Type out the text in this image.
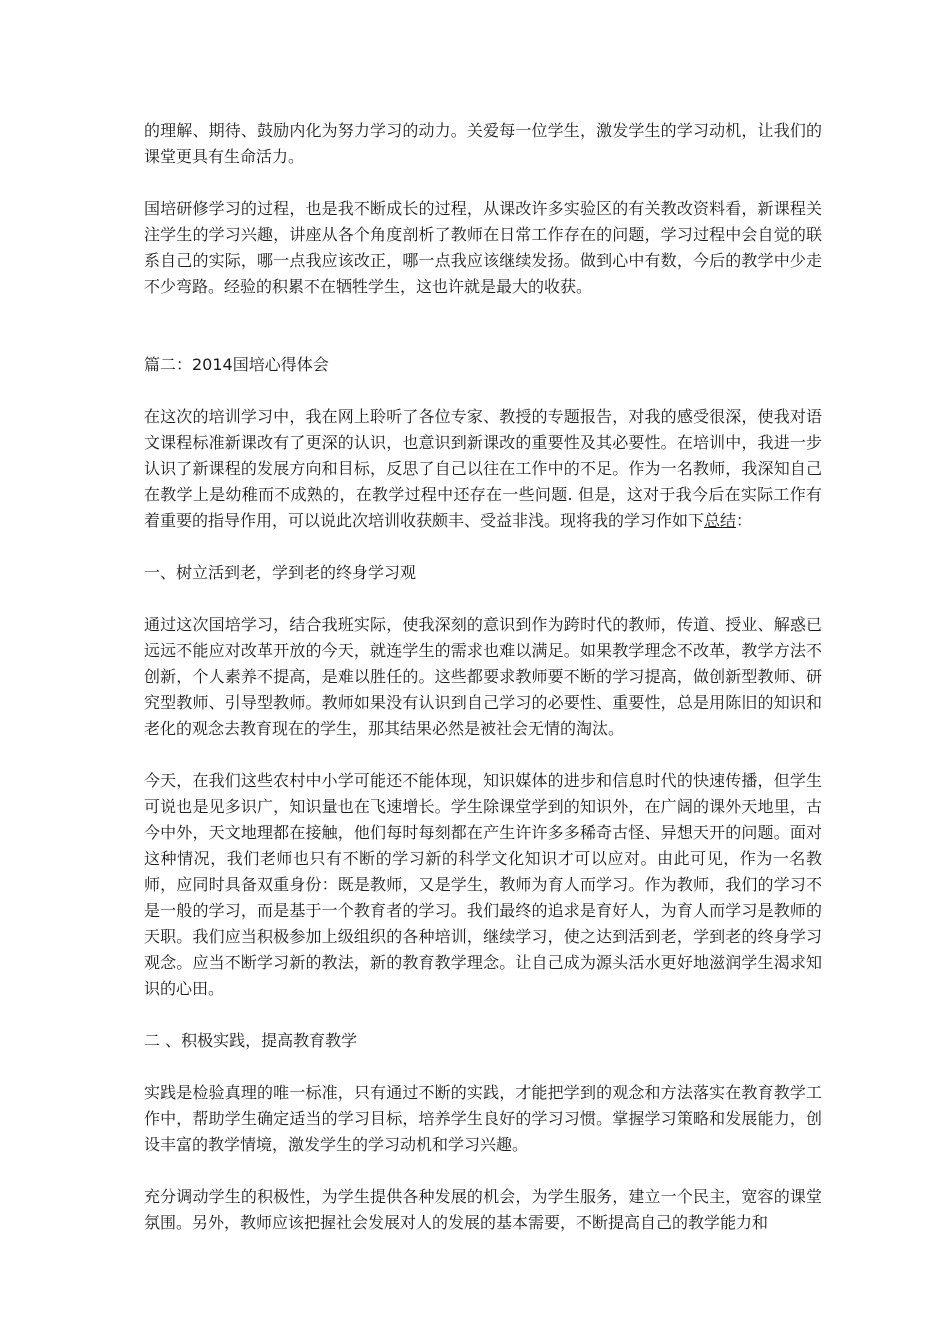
的理解、期待、鼓励内化为努力学习的动力。关爱每一位学生，激发学生的学习动机，让我们的课堂更具有生命活力。

国培研修学习的过程，也是我不断成长的过程，从课改许多实验区的有关教改资料看，新课程关注学生的学习兴趣，讲座从各个角度剖析了教师在日常工作存在的问题，学习过程中会自觉的联系自己的实际，哪一点我应该改正，哪一点我应该继续发扬。做到心中有数，今后的教学中少走不少弯路。经验的积累不在牺牲学生，这也许就是最大的收获。

篇二：2014国培心得体会

在这次的培训学习中，我在网上聆听了各位专家、教授的专题报告，对我的感受很深，使我对语文课程标准新课改有了更深的认识，也意识到新课改的重要性及其必要性。在培训中，我进一步认识了新课程的发展方向和目标，反思了自己以往在工作中的不足。作为一名教师，我深知自己在教学上是幼稚而不成熟的，在教学过程中还存在一些问题. 但是，这对于我今后在实际工作有着重要的指导作用，可以说此次培训收获颇丰、受益非浅。现将我的学习作如下总结：

一、树立活到老，学到老的终身学习观

通过这次国培学习，结合我班实际，使我深刻的意识到作为跨时代的教师，传道、授业、解惑已远远不能应对改革开放的今天，就连学生的需求也难以满足。如果教学理念不改革，教学方法不创新，个人素养不提高，是难以胜任的。这些都要求教师要不断的学习提高，做创新型教师、研究型教师、引导型教师。教师如果没有认识到自己学习的必要性、重要性，总是用陈旧的知识和老化的观念去教育现在的学生，那其结果必然是被社会无情的淘汰。

今天，在我们这些农村中小学可能还不能体现，知识媒体的进步和信息时代的快速传播，但学生可说也是见多识广，知识量也在飞速增长。学生除课堂学到的知识外，在广阔的课外天地里，古今中外，天文地理都在接触，他们每时每刻都在产生许许多多稀奇古怪、异想天开的问题。面对这种情况，我们老师也只有不断的学习新的科学文化知识才可以应对。由此可见，作为一名教师，应同时具备双重身份：既是教师，又是学生，教师为育人而学习。作为教师，我们的学习不是一般的学习，而是基于一个教育者的学习。我们最终的追求是育好人，为育人而学习是教师的天职。我们应当积极参加上级组织的各种培训，继续学习，使之达到活到老，学到老的终身学习观念。应当不断学习新的教法，新的教育教学理念。让自己成为源头活水更好地滋润学生渴求知识的心田。

二 、积极实践，提高教育教学

实践是检验真理的唯一标准，只有通过不断的实践，才能把学到的观念和方法落实在教育教学工作中，帮助学生确定适当的学习目标，培养学生良好的学习习惯。掌握学习策略和发展能力，创设丰富的教学情境，激发学生的学习动机和学习兴趣。

充分调动学生的积极性，为学生提供各种发展的机会，为学生服务，建立一个民主，宽容的课堂氛围。另外，教师应该把握社会发展对人的发展的基本需要，不断提高自己的教学能力和
